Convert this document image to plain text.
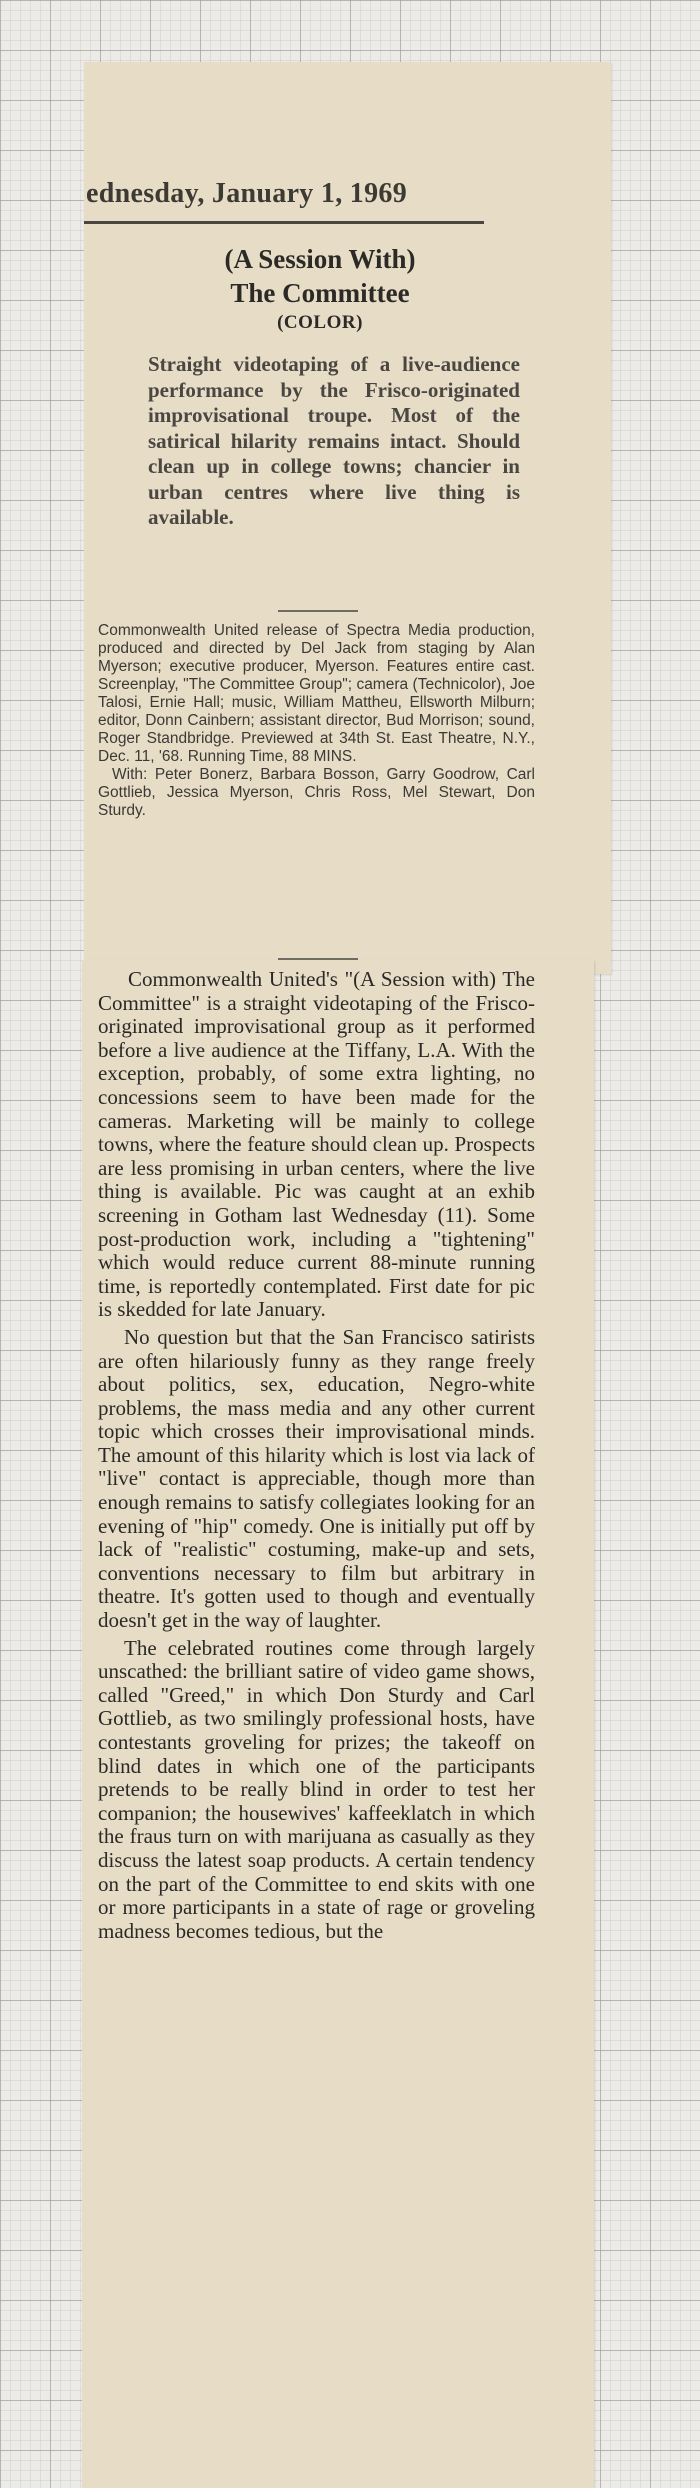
ednesday, January 1, 1969
(A Session With)
The Committee
(COLOR)
Straight videotaping of a live-audience performance by the Frisco-originated improvisational troupe. Most of the satirical hilarity remains intact. Should clean up in college towns; chancier in urban centres where live thing is available.

Commonwealth United release of Spectra Media production, produced and directed by Del Jack from staging by Alan Myerson; executive producer, Myerson. Features entire cast. Screenplay, "The Committee Group"; camera (Technicolor), Joe Talosi, Ernie Hall; music, William Mattheu, Ellsworth Milburn; editor, Donn Cainbern; assistant director, Bud Morrison; sound, Roger Standbridge. Previewed at 34th St. East Theatre, N.Y., Dec. 11, '68. Running Time, 88 MINS.

With: Peter Bonerz, Barbara Bosson, Garry Goodrow, Carl Gottlieb, Jessica Myerson, Chris Ross, Mel Stewart, Don Sturdy.

Commonwealth United's "(A Session with) The Committee" is a straight videotaping of the Frisco-originated improvisational group as it performed before a live audience at the Tiffany, L.A. With the exception, probably, of some extra lighting, no concessions seem to have been made for the cameras. Marketing will be mainly to college towns, where the feature should clean up. Prospects are less promising in urban centers, where the live thing is available. Pic was caught at an exhib screening in Gotham last Wednesday (11). Some post-production work, including a "tightening" which would reduce current 88-minute running time, is reportedly contemplated. First date for pic is skedded for late January.

No question but that the San Francisco satirists are often hilariously funny as they range freely about politics, sex, education, Negro-white problems, the mass media and any other current topic which crosses their improvisational minds. The amount of this hilarity which is lost via lack of "live" contact is appreciable, though more than enough remains to satisfy collegiates looking for an evening of "hip" comedy. One is initially put off by lack of "realistic" costuming, make-up and sets, conventions necessary to film but arbitrary in theatre. It's gotten used to though and eventually doesn't get in the way of laughter.

The celebrated routines come through largely unscathed: the brilliant satire of video game shows, called "Greed," in which Don Sturdy and Carl Gottlieb, as two smilingly professional hosts, have contestants groveling for prizes; the takeoff on blind dates in which one of the participants pretends to be really blind in order to test her companion; the housewives' kaffeeklatch in which the fraus turn on with marijuana as casually as they discuss the latest soap products. A certain tendency on the part of the Committee to end skits with one or more participants in a state of rage or groveling madness becomes tedious, but the
